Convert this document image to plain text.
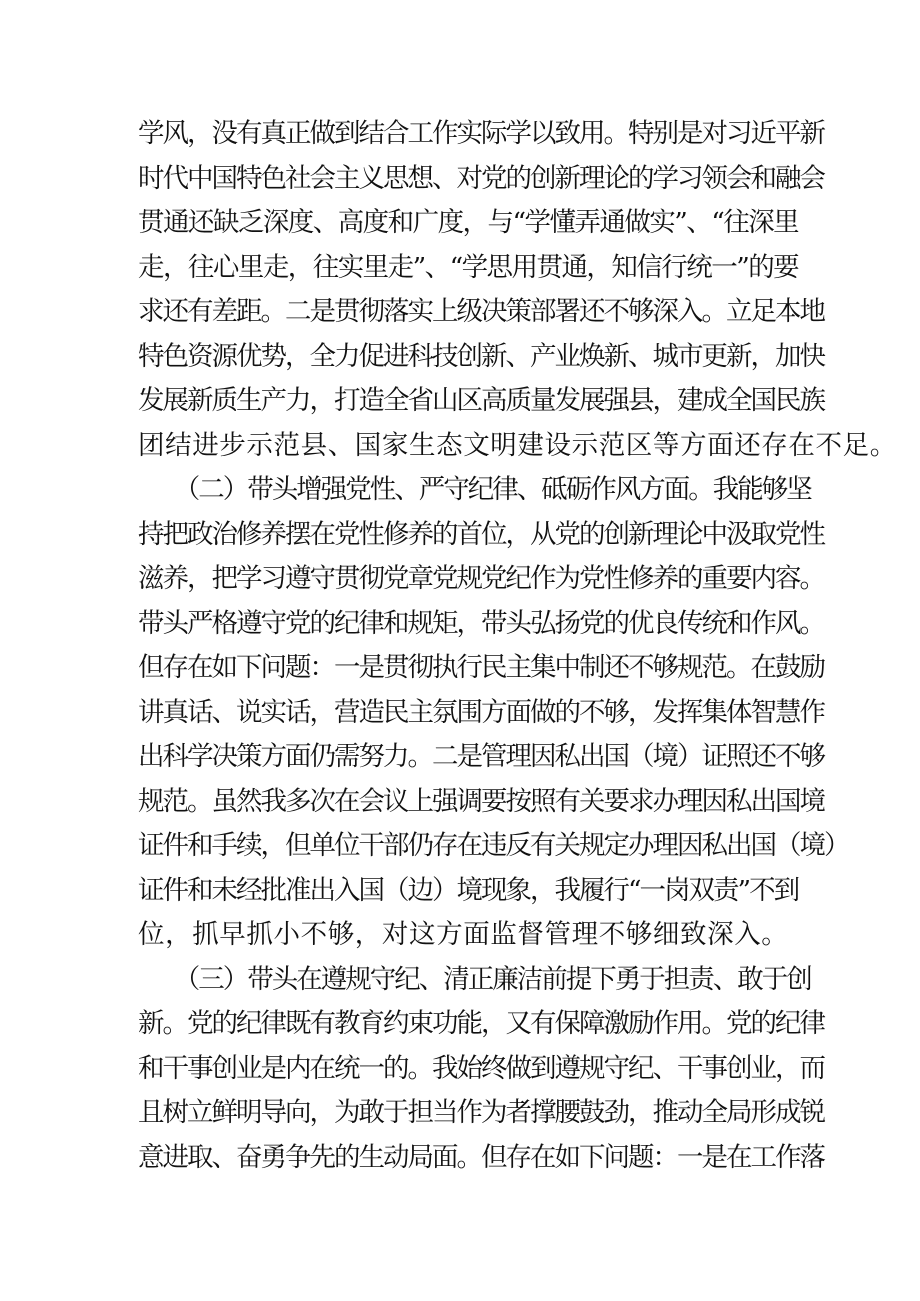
学风，没有真正做到结合工作实际学以致用。特别是对习近平新
时代中国特色社会主义思想、对党的创新理论的学习领会和融会
贯通还缺乏深度、高度和广度，与“学懂弄通做实”、“往深里
走，往心里走，往实里走”、“学思用贯通，知信行统一”的要
求还有差距。二是贯彻落实上级决策部署还不够深入。立足本地
特色资源优势，全力促进科技创新、产业焕新、城市更新，加快
发展新质生产力，打造全省山区高质量发展强县，建成全国民族
团结进步示范县、国家生态文明建设示范区等方面还存在不足。
　　（二）带头增强党性、严守纪律、砥砺作风方面。我能够坚
持把政治修养摆在党性修养的首位，从党的创新理论中汲取党性
滋养，把学习遵守贯彻党章党规党纪作为党性修养的重要内容。
带头严格遵守党的纪律和规矩，带头弘扬党的优良传统和作风。
但存在如下问题：一是贯彻执行民主集中制还不够规范。在鼓励
讲真话、说实话，营造民主氛围方面做的不够，发挥集体智慧作
出科学决策方面仍需努力。二是管理因私出国（境）证照还不够
规范。虽然我多次在会议上强调要按照有关要求办理因私出国境
证件和手续，但单位干部仍存在违反有关规定办理因私出国（境）
证件和未经批准出入国（边）境现象，我履行“一岗双责”不到
位，抓早抓小不够，对这方面监督管理不够细致深入。
　　（三）带头在遵规守纪、清正廉洁前提下勇于担责、敢于创
新。党的纪律既有教育约束功能，又有保障激励作用。党的纪律
和干事创业是内在统一的。我始终做到遵规守纪、干事创业，而
且树立鲜明导向，为敢于担当作为者撑腰鼓劲，推动全局形成锐
意进取、奋勇争先的生动局面。但存在如下问题：一是在工作落
